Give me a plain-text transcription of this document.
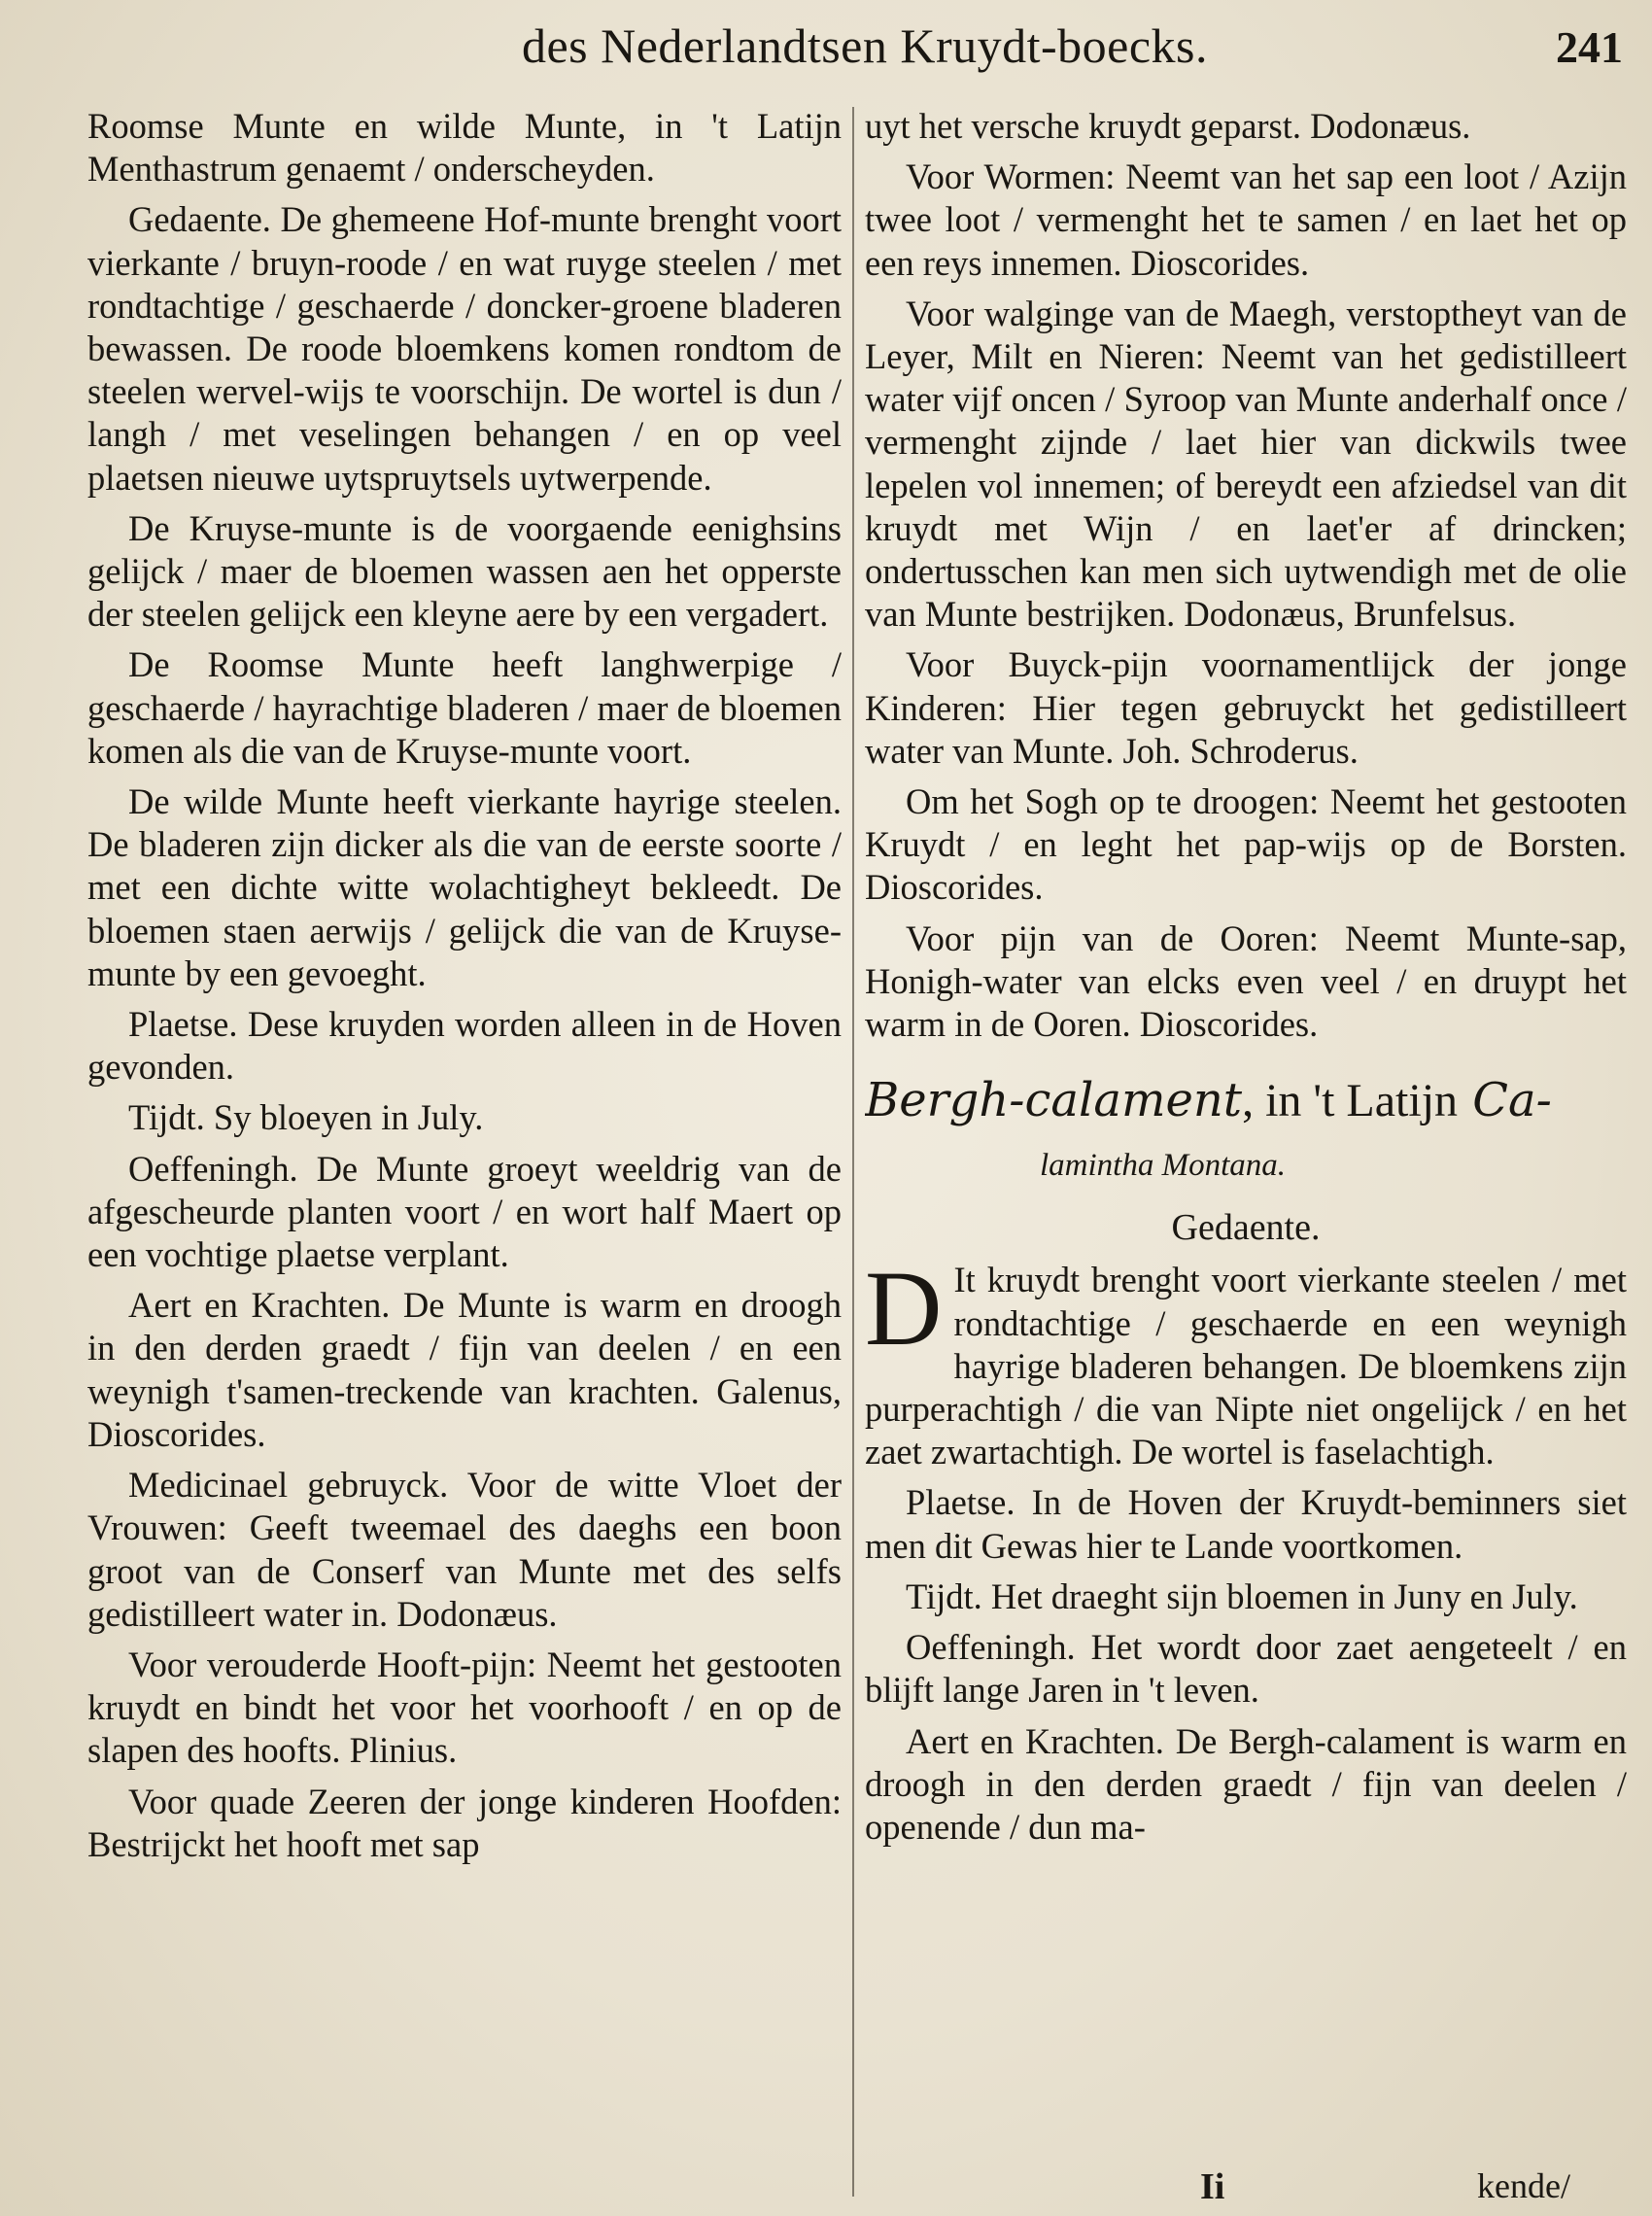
des Nederlandtsen Kruydt-boecks.	241

Roomse Munte en wilde Munte, in 't Latijn Menthastrum genaemt / onderscheyden.

Gedaente. De ghemeene Hof-munte brenght voort vierkante / bruyn-roode / en wat ruyge steelen / met rondtachtige / geschaerde / doncker-groene bladeren bewassen. De roode bloemkens komen rondtom de steelen wervel-wijs te voorschijn. De wortel is dun / langh / met veselingen behangen / en op veel plaetsen nieuwe uytspruytsels uytwerpende.

De Kruyse-munte is de voorgaende eenighsins gelijck / maer de bloemen wassen aen het opperste der steelen gelijck een kleyne aere by een vergadert.

De Roomse Munte heeft langhwerpige / geschaerde / hayrachtige bladeren / maer de bloemen komen als die van de Kruyse-munte voort.

De wilde Munte heeft vierkante hayrige steelen. De bladeren zijn dicker als die van de eerste soorte / met een dichte witte wolachtigheyt bekleedt. De bloemen staen aerwijs / gelijck die van de Kruyse-munte by een gevoeght.

Plaetse. Dese kruyden worden alleen in de Hoven gevonden.

Tijdt. Sy bloeyen in July.

Oeffeningh. De Munte groeyt weeldrig van de afgescheurde planten voort / en wort half Maert op een vochtige plaetse verplant.

Aert en Krachten. De Munte is warm en droogh in den derden graedt / fijn van deelen / en een weynigh t'samen-treckende van krachten. Galenus, Dioscorides.

Medicinael gebruyck. Voor de witte Vloet der Vrouwen: Geeft tweemael des daeghs een boon groot van de Conserf van Munte met des selfs gedistilleert water in. Dodonæus.

Voor verouderde Hooft-pijn: Neemt het gestooten kruydt en bindt het voor het voorhooft / en op de slapen des hoofts. Plinius.

Voor quade Zeeren der jonge kinderen Hoofden: Bestrijckt het hooft met sap

uyt het versche kruydt geparst. Dodonæus.

Voor Wormen: Neemt van het sap een loot / Azijn twee loot / vermenght het te samen / en laet het op een reys innemen. Dioscorides.

Voor walginge van de Maegh, verstoptheyt van de Leyer, Milt en Nieren: Neemt van het gedistilleert water vijf oncen / Syroop van Munte anderhalf once / vermenght zijnde / laet hier van dickwils twee lepelen vol innemen; of bereydt een afziedsel van dit kruydt met Wijn / en laet'er af drincken; ondertusschen kan men sich uytwendigh met de olie van Munte bestrijken. Dodonæus, Brunfelsus.

Voor Buyck-pijn voornamentlijck der jonge Kinderen: Hier tegen gebruyckt het gedistilleert water van Munte. Joh. Schroderus.

Om het Sogh op te droogen: Neemt het gestooten Kruydt / en leght het pap-wijs op de Borsten. Dioscorides.

Voor pijn van de Ooren: Neemt Munte-sap, Honigh-water van elcks even veel / en druypt het warm in de Ooren. Dioscorides.

Bergh-calament, in 't Latijn Ca-
lamintha Montana.
Gedaente.

D It kruydt brenght voort vierkante steelen / met rondtachtige / geschaerde en een weynigh hayrige bladeren behangen. De bloemkens zijn purperachtigh / die van Nipte niet ongelijck / en het zaet zwartachtigh. De wortel is faselachtigh.

Plaetse. In de Hoven der Kruydt-beminners siet men dit Gewas hier te Lande voortkomen.

Tijdt. Het draeght sijn bloemen in Juny en July.

Oeffeningh. Het wordt door zaet aengeteelt / en blijft lange Jaren in 't leven.

Aert en Krachten. De Bergh-calament is warm en droogh in den derden graedt / fijn van deelen / openende / dun ma-

Ii	kende/
